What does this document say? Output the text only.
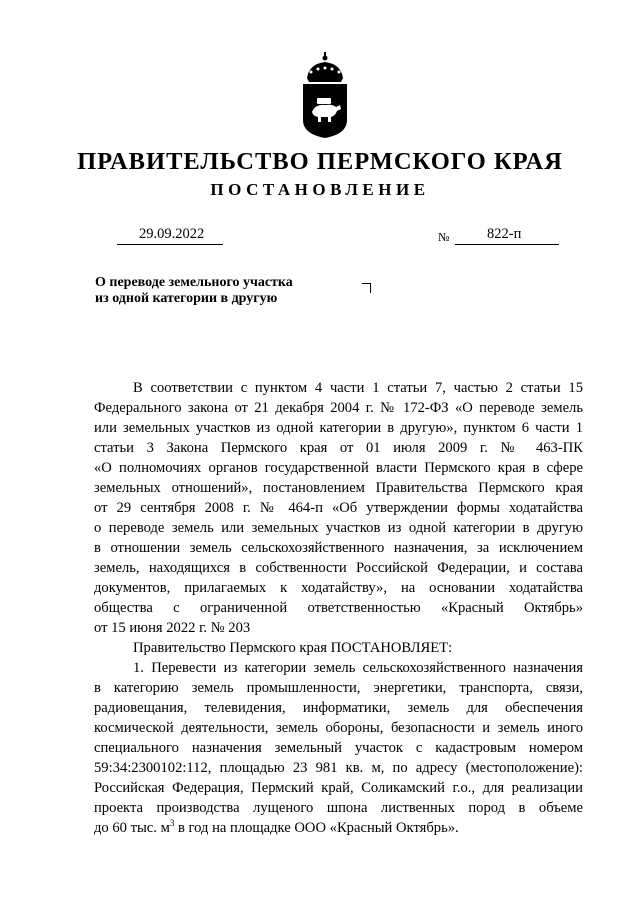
ПРАВИТЕЛЬСТВО ПЕРМСКОГО КРАЯ
ПОСТАНОВЛЕНИЕ
29.09.2022	№	822-п
О переводе земельного участка
из одной категории в другую
В соответствии с пунктом 4 части 1 статьи 7, частью 2 статьи 15
Федерального закона от 21 декабря 2004 г. № 172-ФЗ «О переводе земель
или земельных участков из одной категории в другую», пунктом 6 части 1
статьи 3 Закона Пермского края от 01 июля 2009 г. № 463-ПК
«О полномочиях органов государственной власти Пермского края в сфере
земельных отношений», постановлением Правительства Пермского края
от 29 сентября 2008 г. № 464-п «Об утверждении формы ходатайства
о переводе земель или земельных участков из одной категории в другую
в отношении земель сельскохозяйственного назначения, за исключением
земель, находящихся в собственности Российской Федерации, и состава
документов, прилагаемых к ходатайству», на основании ходатайства
общества с ограниченной ответственностью «Красный Октябрь»
от 15 июня 2022 г. № 203
Правительство Пермского края ПОСТАНОВЛЯЕТ:
1. Перевести из категории земель сельскохозяйственного назначения
в категорию земель промышленности, энергетики, транспорта, связи,
радиовещания, телевидения, информатики, земель для обеспечения
космической деятельности, земель обороны, безопасности и земель иного
специального назначения земельный участок с кадастровым номером
59:34:2300102:112, площадью 23 981 кв. м, по адресу (местоположение):
Российская Федерация, Пермский край, Соликамский г.о., для реализации
проекта производства лущеного шпона лиственных пород в объеме
до 60 тыс. $м^3$ в год на площадке ООО «Красный Октябрь».
